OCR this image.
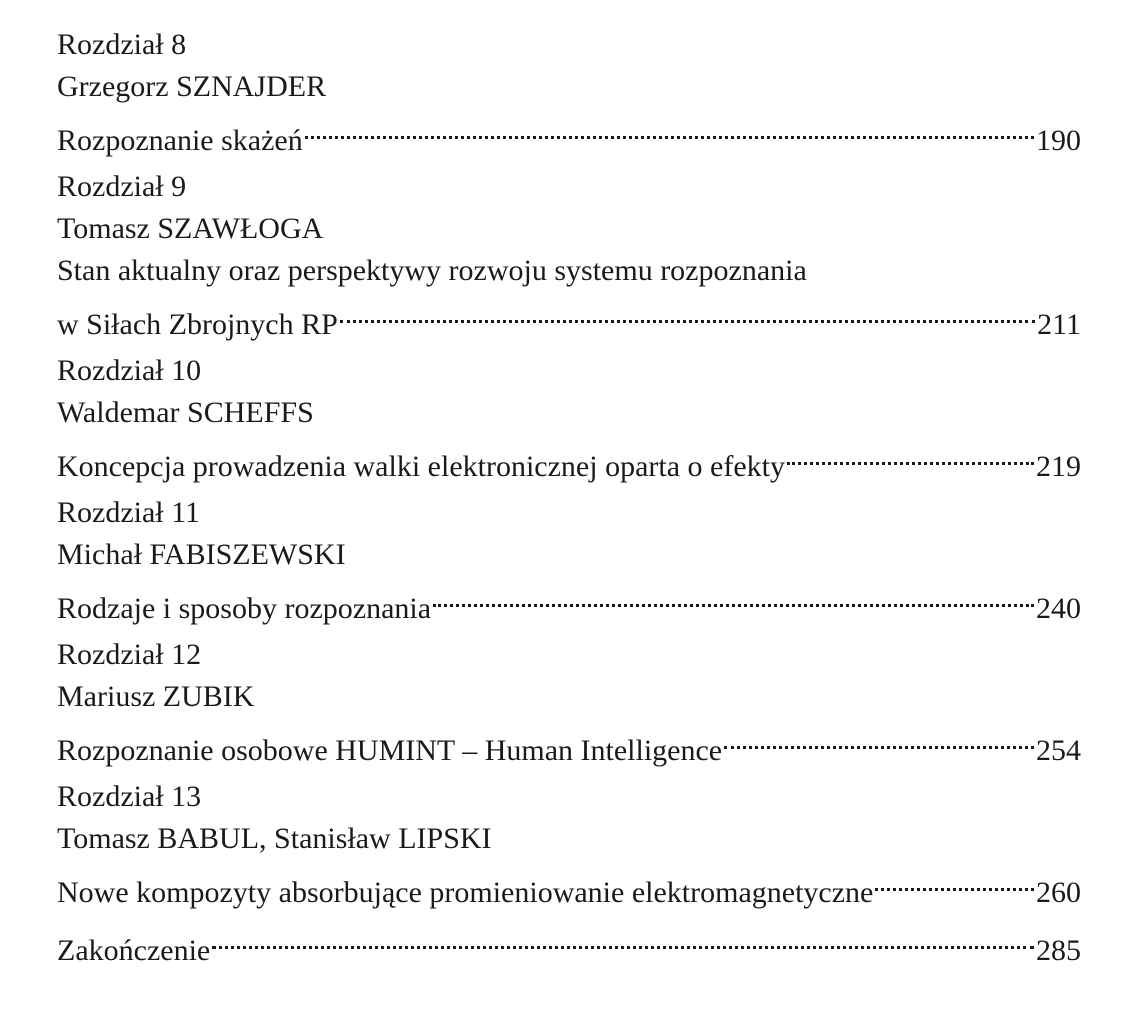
Rozdział 8
Grzegorz SZNAJDER
Rozpoznanie skażeń	190
Rozdział 9
Tomasz SZAWŁOGA
Stan aktualny oraz perspektywy rozwoju systemu rozpoznania
w Siłach Zbrojnych RP	211
Rozdział 10
Waldemar SCHEFFS
Koncepcja prowadzenia walki elektronicznej oparta o efekty	219
Rozdział 11
Michał FABISZEWSKI
Rodzaje i sposoby rozpoznania	240
Rozdział 12
Mariusz ZUBIK
Rozpoznanie osobowe HUMINT – Human Intelligence	254
Rozdział 13
Tomasz BABUL, Stanisław LIPSKI
Nowe kompozyty absorbujące promieniowanie elektromagnetyczne	260
Zakończenie	285
